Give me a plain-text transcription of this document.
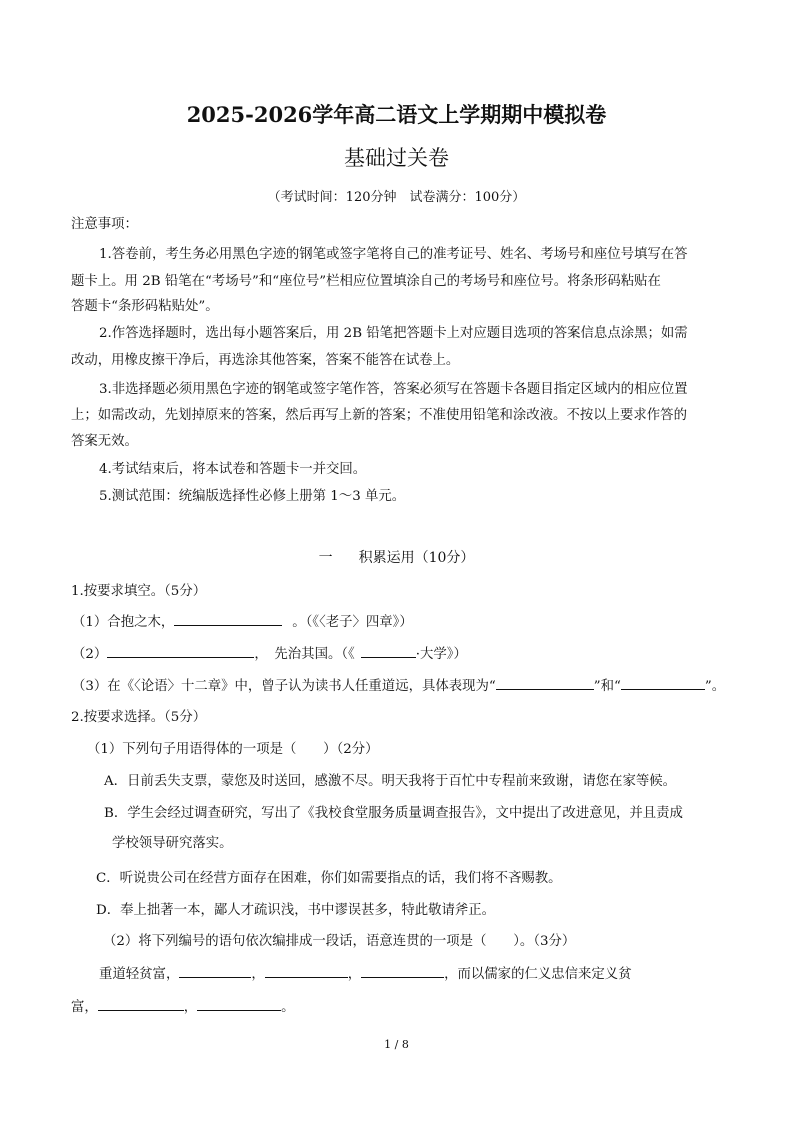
2025-2026学年高二语文上学期期中模拟卷
基础过关卷
（考试时间：120分钟　试卷满分：100分）
注意事项：
1.答卷前，考生务必用黑色字迹的钢笔或签字笔将自己的准考证号、姓名、考场号和座位号填写在答
题卡上。用 2B 铅笔在“考场号”和“座位号”栏相应位置填涂自己的考场号和座位号。将条形码粘贴在
答题卡“条形码粘贴处”。
2.作答选择题时，选出每小题答案后，用 2B 铅笔把答题卡上对应题目选项的答案信息点涂黑；如需
改动，用橡皮擦干净后，再选涂其他答案，答案不能答在试卷上。
3.非选择题必须用黑色字迹的钢笔或签字笔作答，答案必须写在答题卡各题目指定区域内的相应位置
上；如需改动，先划掉原来的答案，然后再写上新的答案；不准使用铅笔和涂改液。不按以上要求作答的
答案无效。
4.考试结束后，将本试卷和答题卡一并交回。
5.测试范围：统编版选择性必修上册第 1～3 单元。
一 积累运用（10分）
1.按要求填空。（5分）
（1）合抱之木，	。（《〈老子〉四章》）
（2）	，　先治其国。（《	·大学》）
（3）在《〈论语〉十二章》中，曾子认为读书人任重道远，具体表现为“	”和“	”。
2.按要求选择。（5分）
（1）下列句子用语得体的一项是（　　）（2分）
A．日前丢失支票，蒙您及时送回，感激不尽。明天我将于百忙中专程前来致谢，请您在家等候。
B．学生会经过调查研究，写出了《我校食堂服务质量调查报告》，文中提出了改进意见，并且责成
学校领导研究落实。
C．听说贵公司在经营方面存在困难，你们如需要指点的话，我们将不吝赐教。
D．奉上拙著一本，鄙人才疏识浅，书中谬误甚多，特此敬请斧正。
（2）将下列编号的语句依次编排成一段话，语意连贯的一项是（　　）。（3分）
重道轻贫富，	，	，	，而以儒家的仁义忠信来定义贫
富，	，	。
1 / 8
